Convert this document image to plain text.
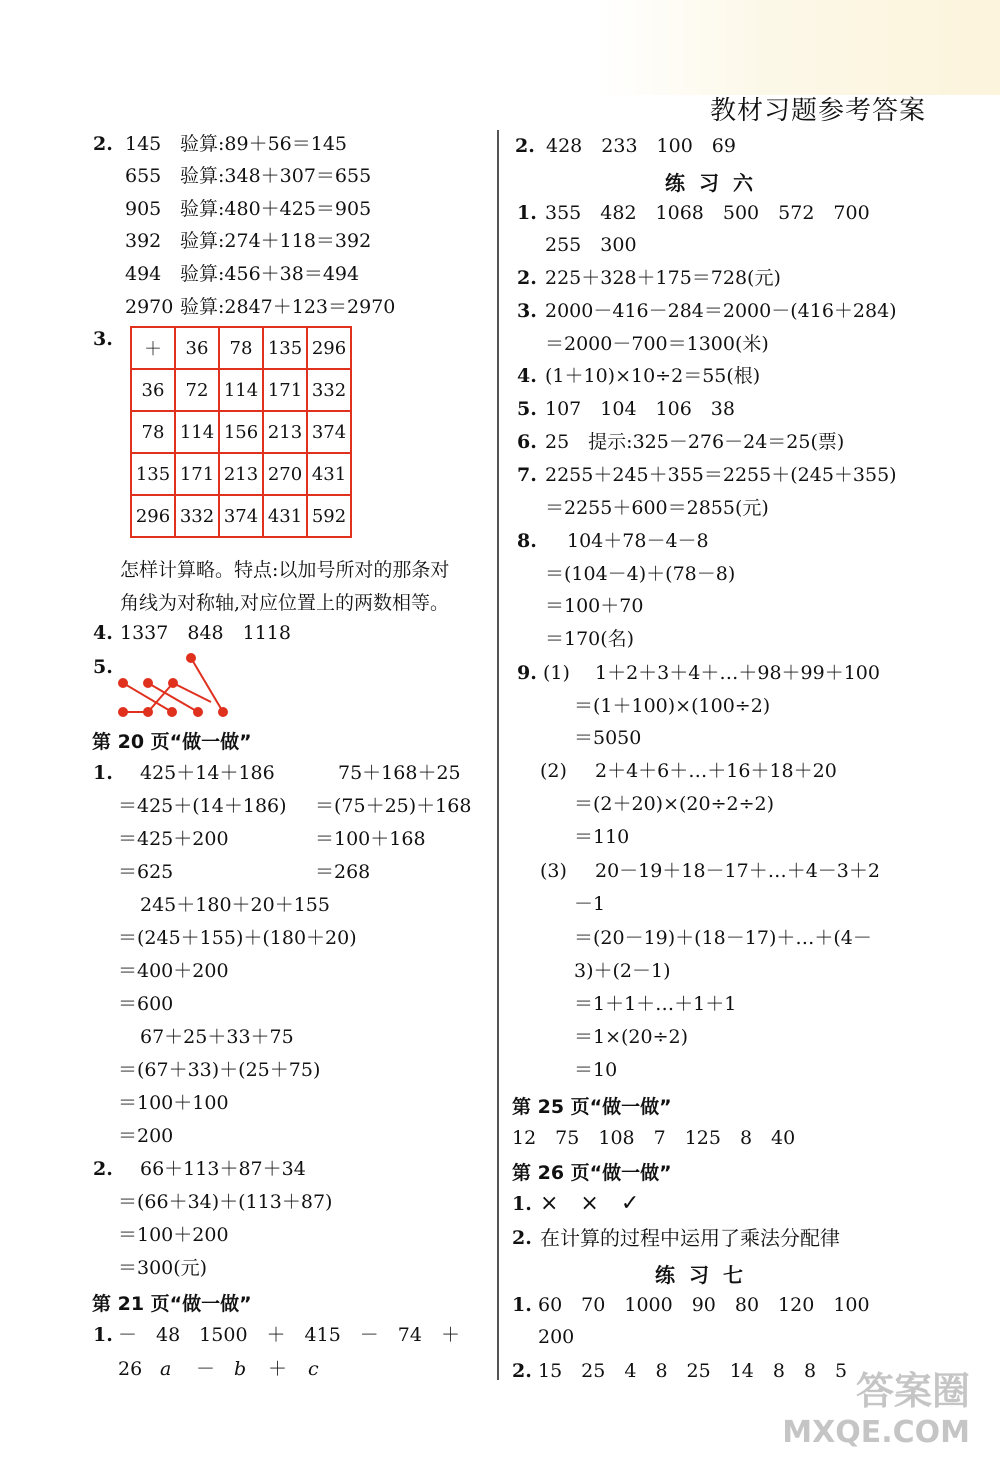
教材习题参考答案
2. 145 验算:89＋56＝145
655 验算:348＋307＝655
905 验算:480＋425＝905
392 验算:274＋118＝392
494 验算:456＋38＝494
2970 验算:2847＋123＝2970
3. ＋	36	78	135	296
36	72	114	171	332
78	114	156	213	374
135	171	213	270	431
296	332	374	431	592
怎样计算略。特点:以加号所对的那条对
角线为对称轴,对应位置上的两数相等。
4. 1337　848　1118
5.
第 20 页“做一做”
1. 425＋14＋186
＝425＋(14＋186)
＝425＋200
＝625
75＋168＋25
＝(75＋25)＋168
＝100＋168
＝268
245＋180＋20＋155
＝(245＋155)＋(180＋20)
＝400＋200
＝600
67＋25＋33＋75
＝(67＋33)＋(25＋75)
＝100＋100
＝200
2. 66＋113＋87＋34
＝(66＋34)＋(113＋87)
＝100＋200
＝300(元)
第 21 页“做一做”
1. －　48　1500　＋　415　－　74　＋
26 a － b ＋ c
2. 428　233　100　69
练习六
1. 355　482　1068　500　572　700
255　300
2. 225＋328＋175＝728(元)
3. 2000－416－284＝2000－(416＋284)
＝2000－700＝1300(米)
4. (1＋10)×10÷2＝55(根)
5. 107　104　106　38
6. 25　提示:325－276－24＝25(票)
7. 2255＋245＋355＝2255＋(245＋355)
＝2255＋600＝2855(元)
8. 104＋78－4－8
＝(104－4)＋(78－8)
＝100＋70
＝170(名)
9. (1) 1＋2＋3＋4＋…＋98＋99＋100
＝(1＋100)×(100÷2)
＝5050
(2) 2＋4＋6＋…＋16＋18＋20
＝(2＋20)×(20÷2÷2)
＝110
(3) 20－19＋18－17＋…＋4－3＋2
－1
＝(20－19)＋(18－17)＋…＋(4－
3)＋(2－1)
＝1＋1＋…＋1＋1
＝1×(20÷2)
＝10
第 25 页“做一做”
12　75　108　7　125　8　40
第 26 页“做一做”
1. ×　×　✓
2. 在计算的过程中运用了乘法分配律
练习七
1. 60　70　1000　90　80　120　100
200
2. 15　25　4　8　25　14　8　8　5 答案圈
MXQE.COM
